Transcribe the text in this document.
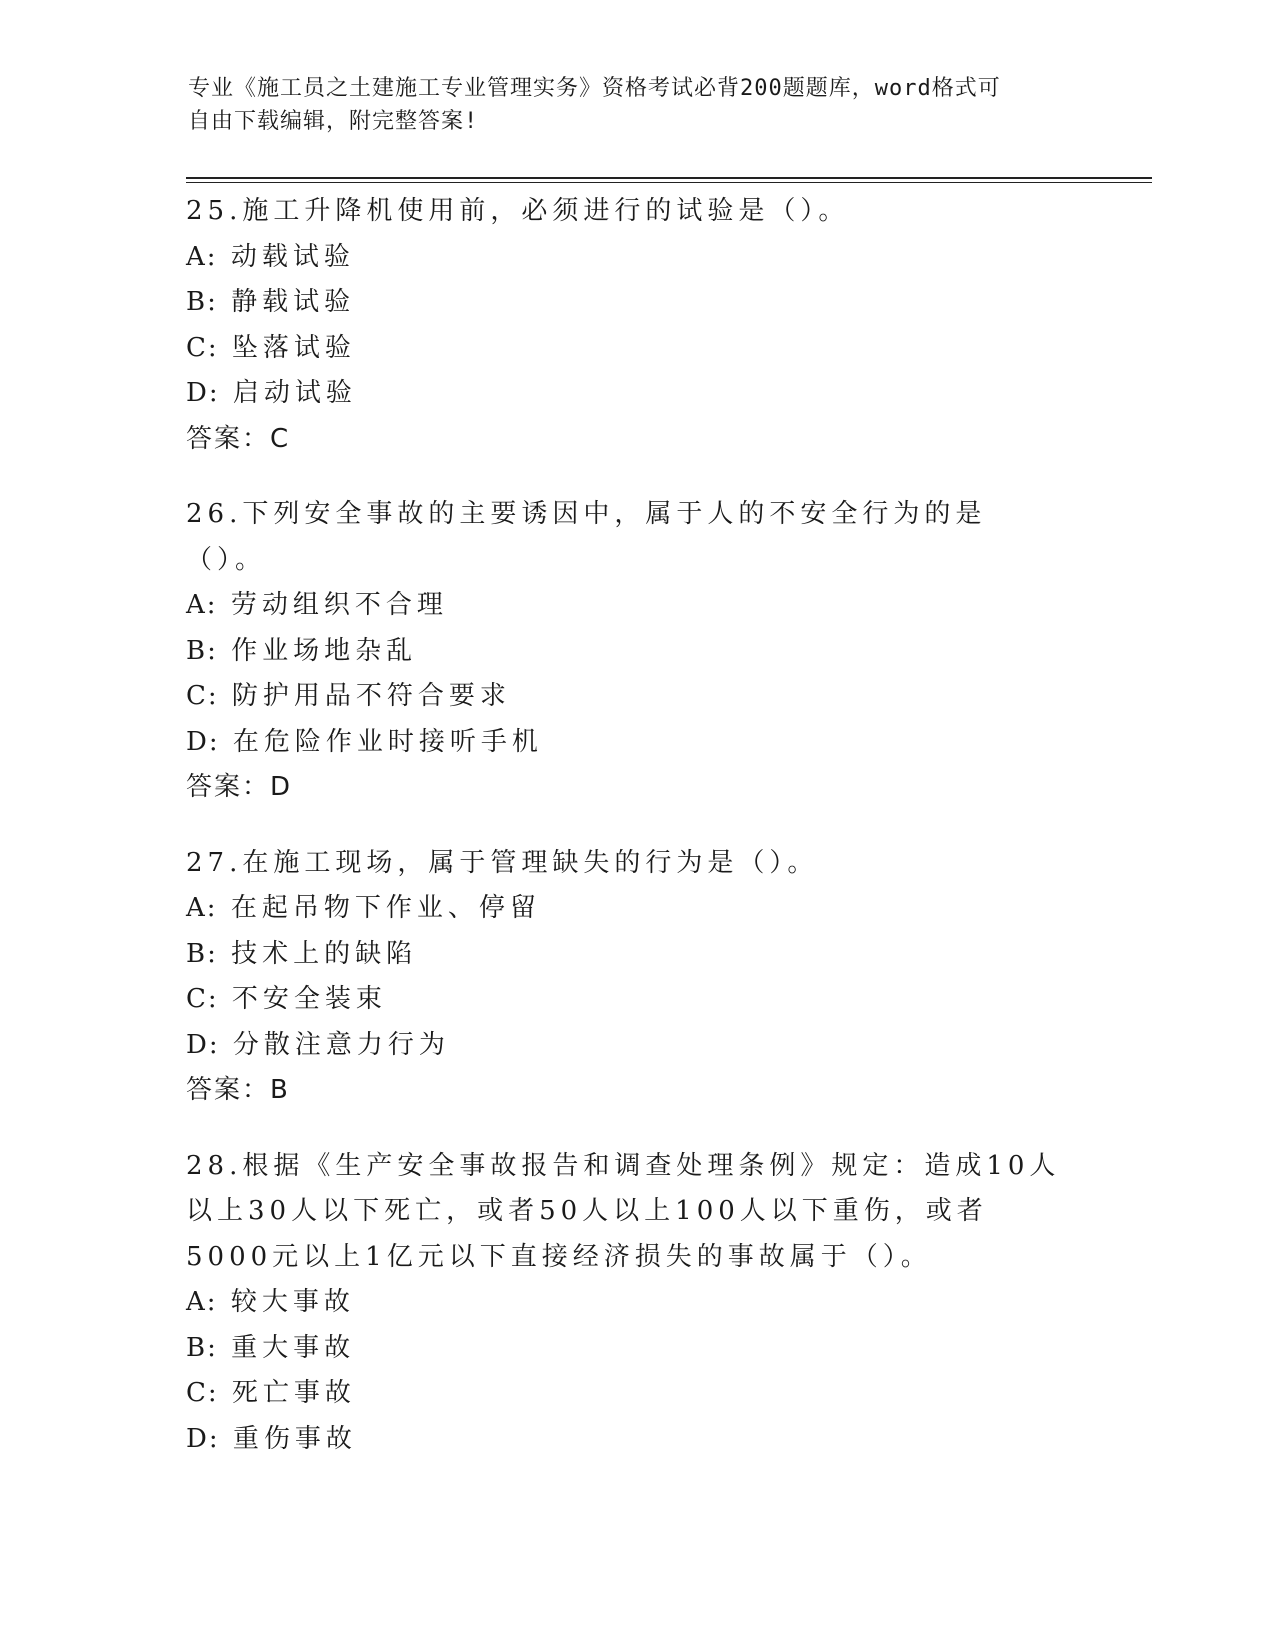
专业《施工员之土建施工专业管理实务》资格考试必背200题题库，word格式可
自由下载编辑，附完整答案!
25.施工升降机使用前，必须进行的试验是（）。
A: 动载试验
B: 静载试验
C: 坠落试验
D: 启动试验
答案：C
26.下列安全事故的主要诱因中，属于人的不安全行为的是（）。
A: 劳动组织不合理
B: 作业场地杂乱
C: 防护用品不符合要求
D: 在危险作业时接听手机
答案：D
27.在施工现场，属于管理缺失的行为是（）。
A: 在起吊物下作业、停留
B: 技术上的缺陷
C: 不安全装束
D: 分散注意力行为
答案：B
28.根据《生产安全事故报告和调查处理条例》规定：造成10人以上30人以下死亡，或者50人以上100人以下重伤，或者5000元以上1亿元以下直接经济损失的事故属于（）。
A: 较大事故
B: 重大事故
C: 死亡事故
D: 重伤事故
